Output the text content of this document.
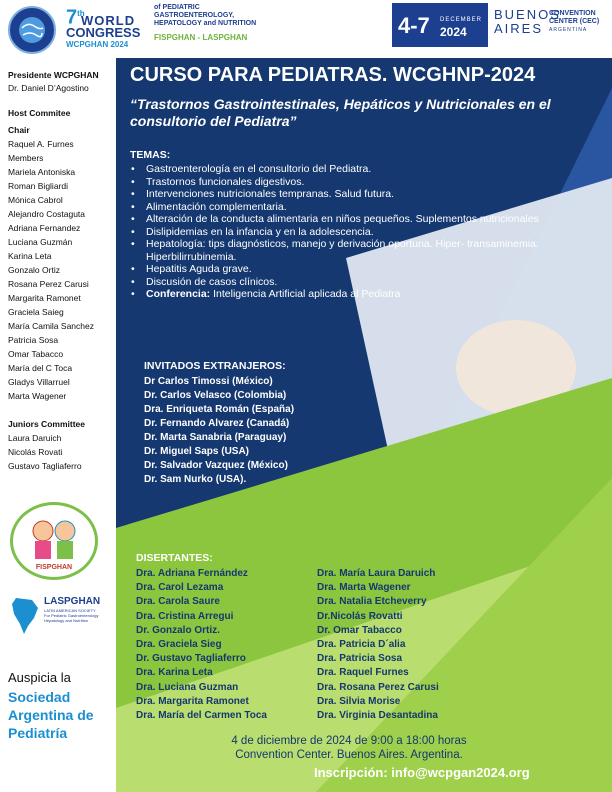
7th
WORLD
CONGRESS
WCPGHAN 2024
of PEDIATRIC
GASTROENTEROLOGY,
HEPATOLOGY and NUTRITION
FISPGHAN - LASPGHAN	4-7 DECEMBER
2024
BUENOS
AIRES
CONVENTION
CENTER (CEC)
ARGENTINA
Presidente WCPGHAN
Dr. Daniel D’Agostino
Host Commitee
Chair
Raquel A. Furnes
Members
Juniors Committee
Mariela Antoniska
Roman Bigliardi
Mónica Cabrol
Alejandro Costaguta
Adriana Fernandez
Luciana Guzmán
Karina Leta
Gonzalo Ortiz
Rosana Perez Carusi
Margarita Ramonet
Graciela Saieg
María Camila Sanchez
Patricia Sosa
Omar Tabacco
María del C Toca
Gladys Villarruel
Marta Wagener
Laura Daruich
Nicolás Rovati
Gustavo Tagliaferro
FISPGHAN
LASPGHAN
LATIN AMERICAN SOCIETY
For Pediatric Gastroenterology
Hepatology and Nutrition
Auspicia la
Sociedad
Argentina de
Pediatría
CURSO PARA PEDIATRAS. WCGHNP-2024
“Trastornos Gastrointestinales, Hepáticos y Nutricionales en el consultorio del Pediatra”
TEMAS:
• Gastroenterología en el consultorio del Pediatra.
• Trastornos funcionales digestivos.
• Intervenciones nutricionales tempranas. Salud futura.
• Alimentación complementaria.
• Alteración de la conducta alimentaria en niños pequeños. Suplementos nutricionales
• Dislipidemias en la infancia y en la adolescencia.
• Hepatología: tips diagnósticos, manejo y derivación oportuna. Hiper- transaminemia. Hiperbilirrubinemia.
• Hepatitis Aguda grave.
• Discusión de casos clínicos.
• Conferencia: Inteligencia Artificial aplicada al Pediatra
INVITADOS EXTRANJEROS:
Dr Carlos Timossi (México)
Dr. Carlos Velasco (Colombia)
Dra. Enriqueta Román (España)
Dr. Fernando Alvarez (Canadá)
Dr. Marta Sanabria (Paraguay)
Dr. Miguel Saps (USA)
Dr. Salvador Vazquez (México)
Dr. Sam Nurko (USA).
DISERTANTES:
Dra. Adriana Fernández
Dra. Carol Lezama
Dra. Carola Saure
Dra. Cristina Arregui
Dr. Gonzalo Ortiz.
Dra. Graciela Sieg
Dr. Gustavo Tagliaferro
Dra. Karina Leta
Dra. Luciana Guzman
Dra. Margarita Ramonet
Dra. María del Carmen Toca
Dra. María Laura Daruich
Dra. Marta Wagener
Dra. Natalia Etcheverry
Dr.Nicolás Rovatti
Dr. Omar Tabacco
Dra. Patricia D´alia
Dra. Patricia Sosa
Dra. Raquel Furnes
Dra. Rosana Perez Carusi
Dra. Silvia Morise
Dra. Virginia Desantadina
4 de diciembre de 2024 de 9:00 a 18:00 horas
Convention Center. Buenos Aires. Argentina.
Inscripción: info@wcpgan2024.org
